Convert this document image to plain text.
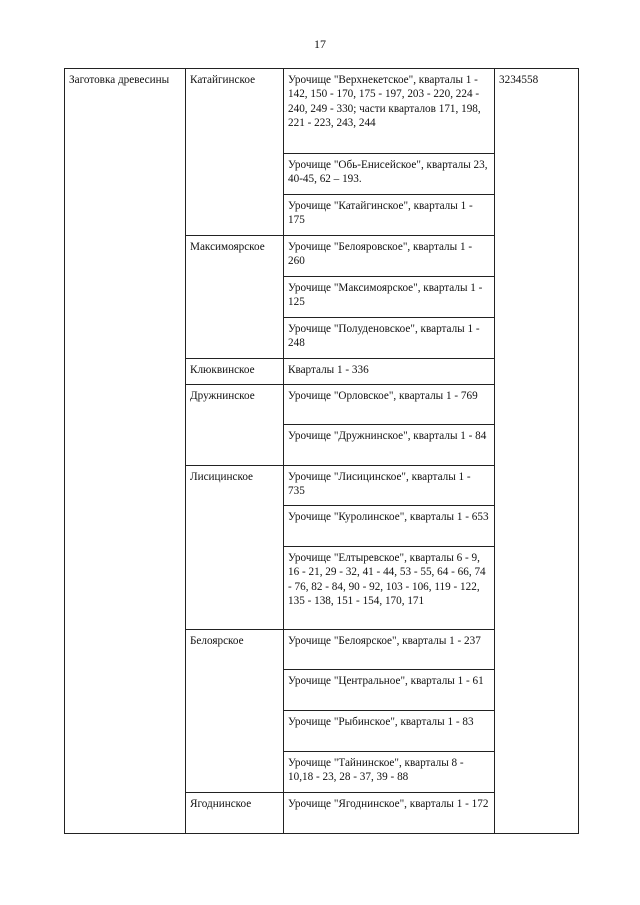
17
Заготовка древесины	Катайгинское	Урочище "Верхнекетское", кварталы 1 - 142, 150 - 170, 175 - 197, 203 - 220, 224 - 240, 249 - 330; части кварталов 171, 198, 221 - 223, 243, 244	3234558
		Урочище "Обь-Енисейское", кварталы 23, 40-45, 62 – 193.	
		Урочище "Катайгинское", кварталы 1 - 175	
	Максимоярское	Урочище "Белояровское", кварталы 1 - 260	
		Урочище "Максимоярское", кварталы 1 - 125	
		Урочище "Полуденовское", кварталы 1 - 248	
	Клюквинское	Кварталы 1 - 336	
	Дружнинское	Урочище "Орловское", кварталы 1 - 769	
		Урочище "Дружнинское", кварталы 1 - 84	
	Лисицинское	Урочище "Лисицинское", кварталы 1 - 735	
		Урочище "Куролинское", кварталы 1 - 653	
		Урочище "Елтыревское", кварталы 6 - 9, 16 - 21, 29 - 32, 41 - 44, 53 - 55, 64 - 66, 74 - 76, 82 - 84, 90 - 92, 103 - 106, 119 - 122, 135 - 138, 151 - 154, 170, 171	
	Белоярское	Урочище "Белоярское", кварталы 1 - 237	
		Урочище "Центральное", кварталы 1 - 61	
		Урочище "Рыбинское", кварталы 1 - 83	
		Урочище "Тайнинское", кварталы 8 - 10,18 - 23, 28 - 37, 39 - 88	
	Ягоднинское	Урочище "Ягоднинское", кварталы 1 - 172	
